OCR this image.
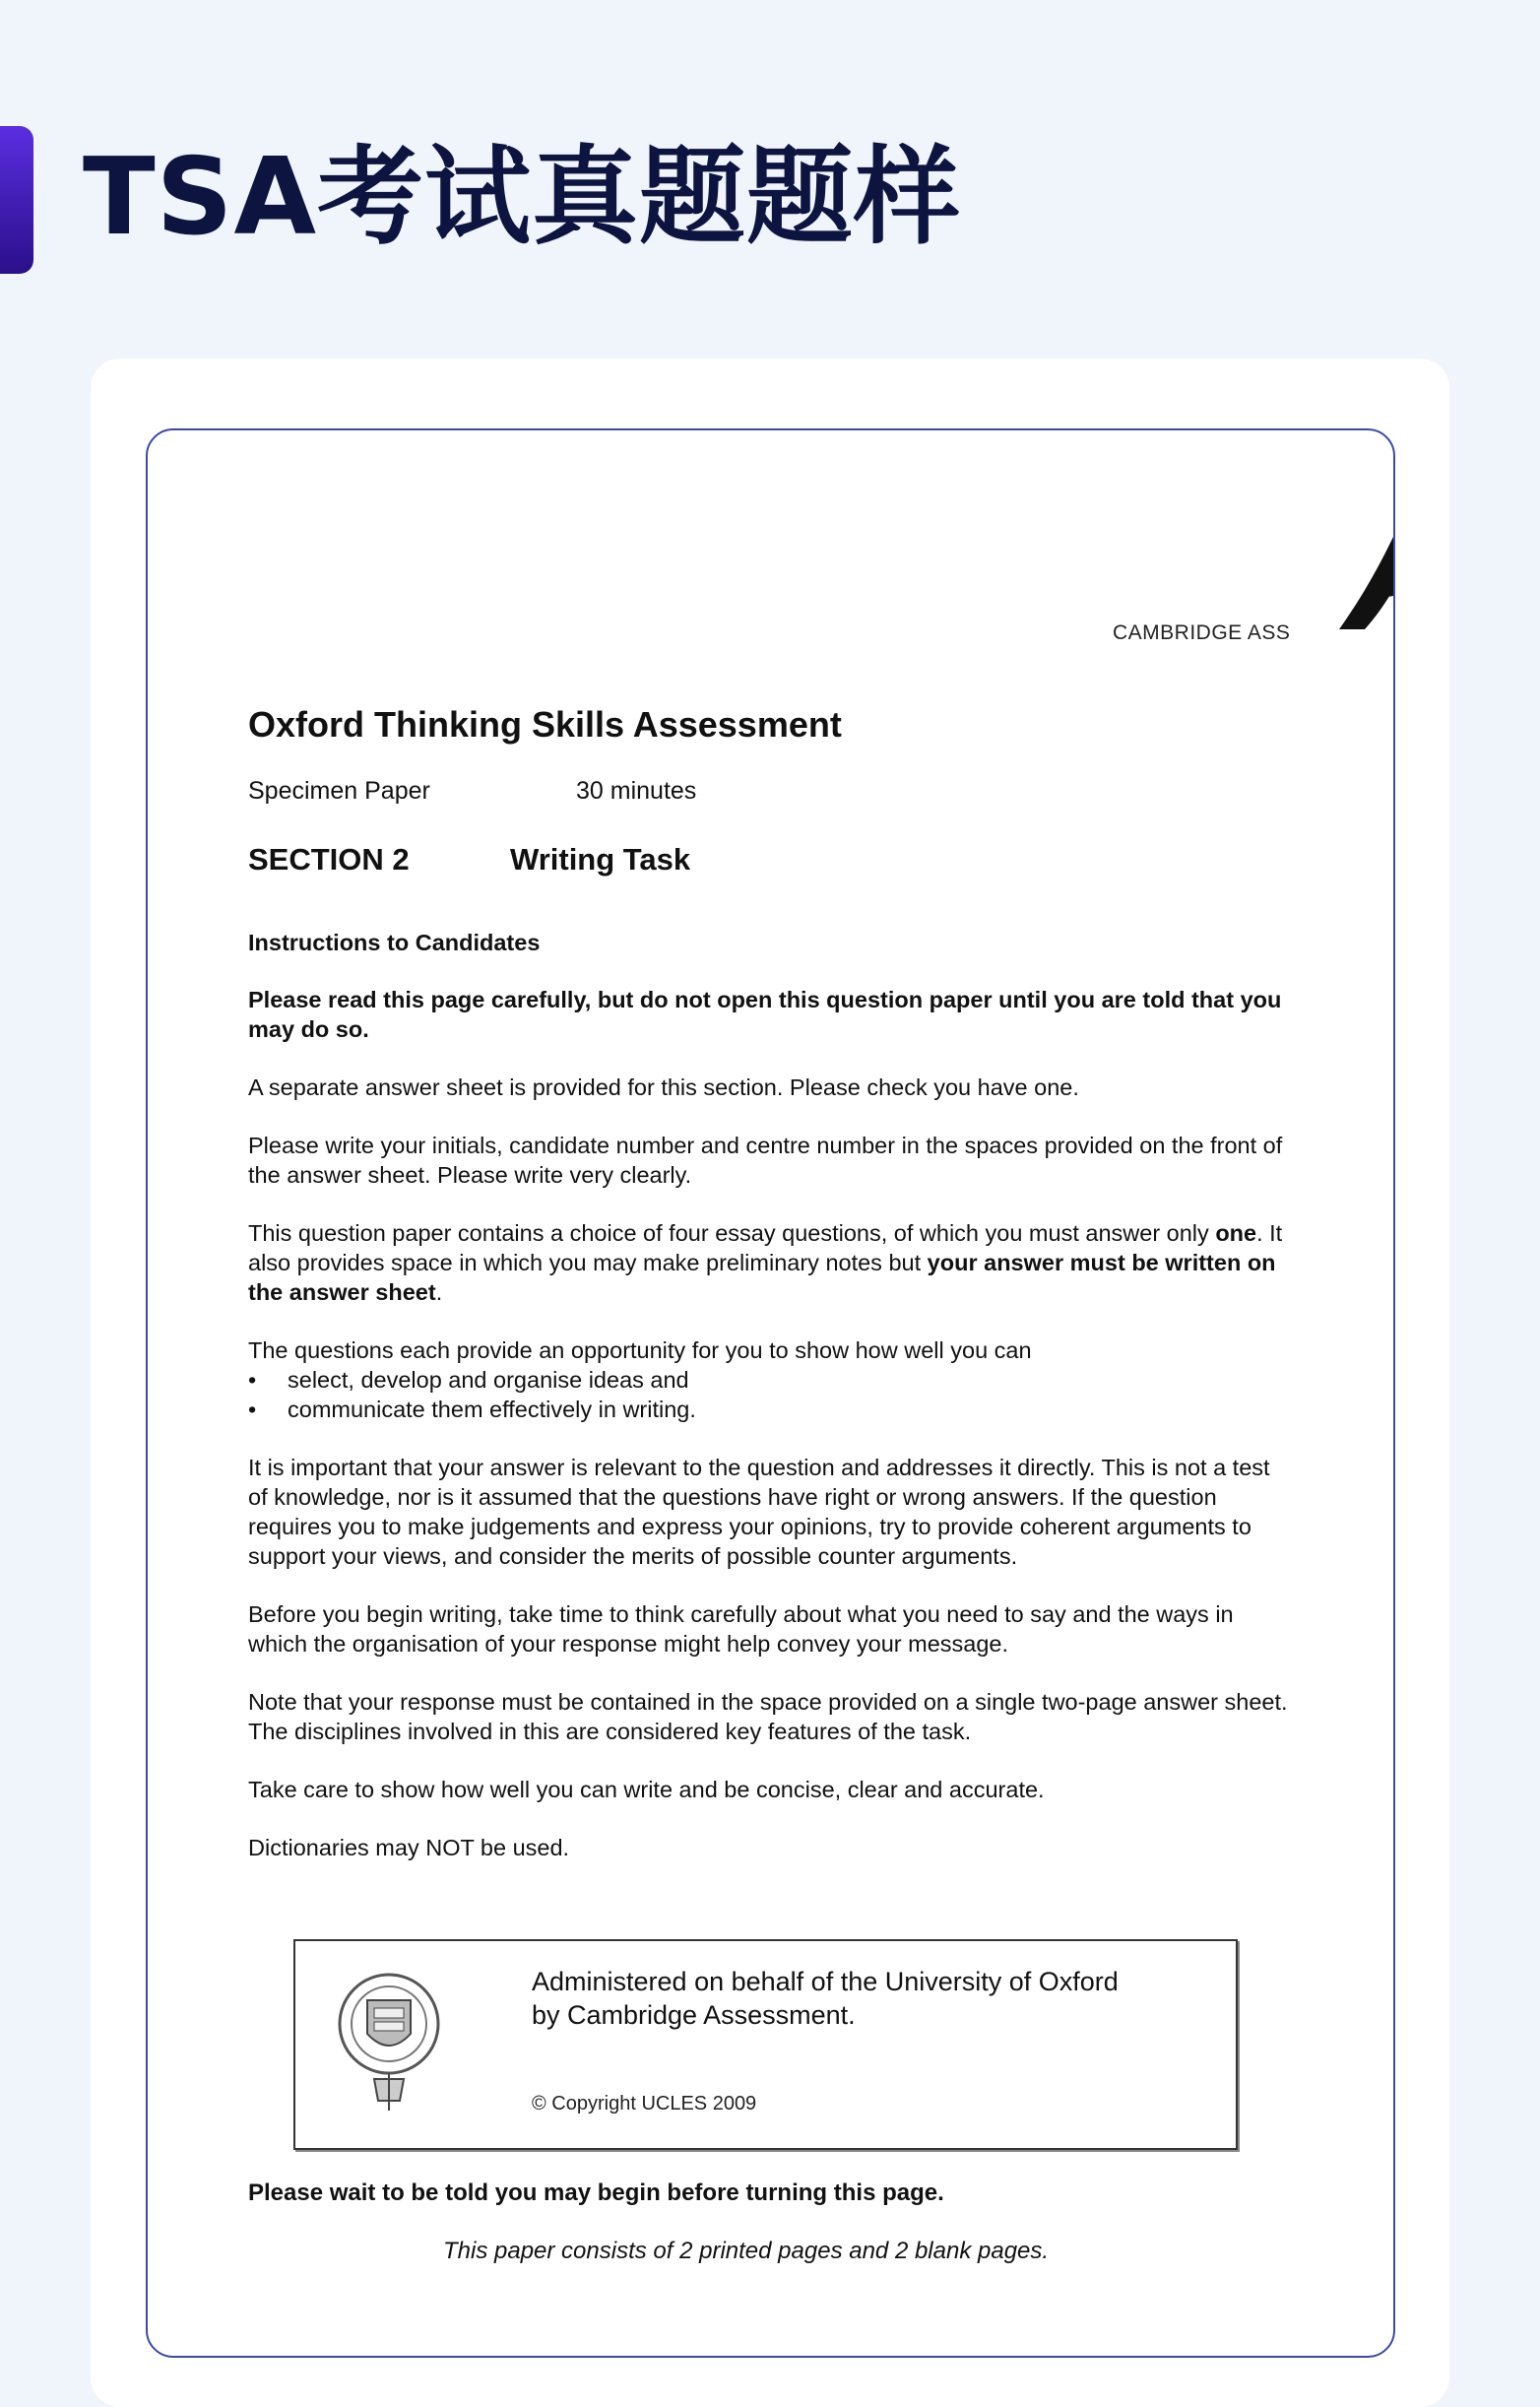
TSA考试真题题样
CAMBRIDGE ASS
Oxford Thinking Skills Assessment
Specimen Paper	30 minutes
SECTION 2	Writing Task

Instructions to Candidates

Please read this page carefully, but do not open this question paper until you are told that you may do so.

A separate answer sheet is provided for this section. Please check you have one.

Please write your initials, candidate number and centre number in the spaces provided on the front of the answer sheet. Please write very clearly.

This question paper contains a choice of four essay questions, of which you must answer only one. It also provides space in which you may make preliminary notes but your answer must be written on the answer sheet.

The questions each provide an opportunity for you to show how well you can

• select, develop and organise ideas and
• communicate them effectively in writing.

It is important that your answer is relevant to the question and addresses it directly. This is not a test of knowledge, nor is it assumed that the questions have right or wrong answers. If the question requires you to make judgements and express your opinions, try to provide coherent arguments to support your views, and consider the merits of possible counter arguments.

Before you begin writing, take time to think carefully about what you need to say and the ways in which the organisation of your response might help convey your message.

Note that your response must be contained in the space provided on a single two-page answer sheet. The disciplines involved in this are considered key features of the task.

Take care to show how well you can write and be concise, clear and accurate.

Dictionaries may NOT be used.

Administered on behalf of the University of Oxford
by Cambridge Assessment.
© Copyright UCLES 2009
Please wait to be told you may begin before turning this page.
This paper consists of 2 printed pages and 2 blank pages.
